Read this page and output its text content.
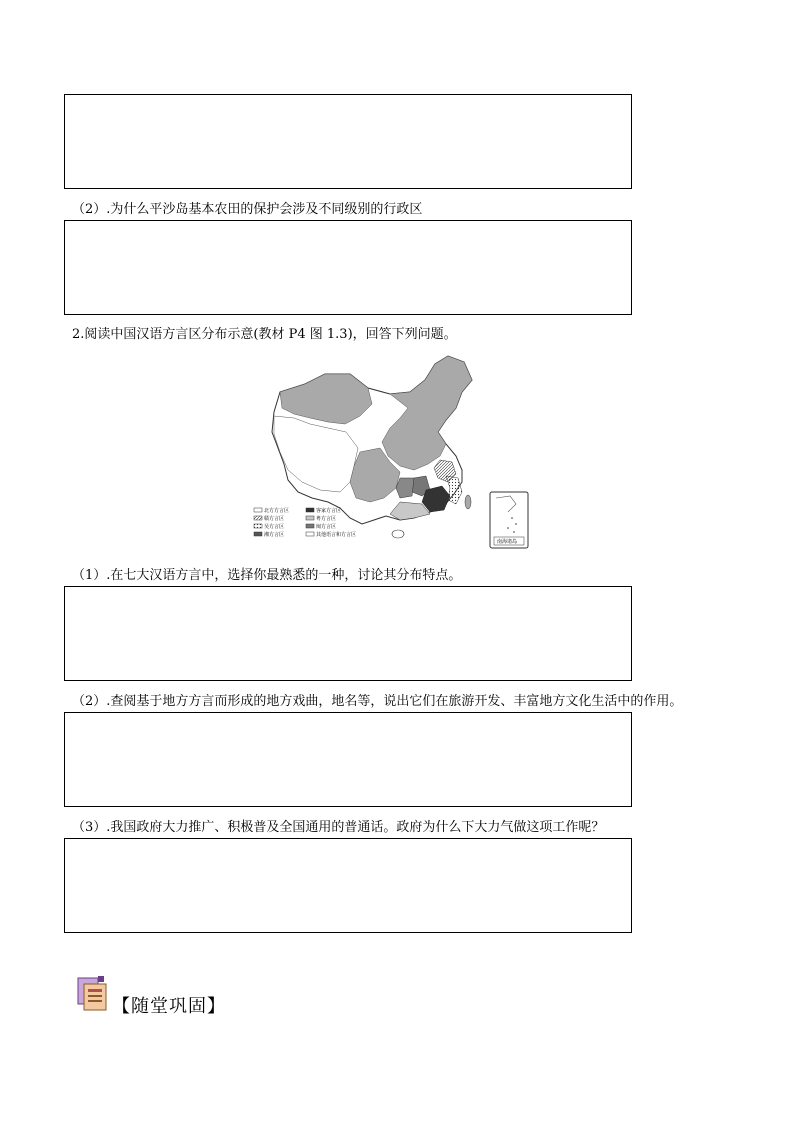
（2）.为什么平沙岛基本农田的保护会涉及不同级别的行政区
2.阅读中国汉语方言区分布示意(教材 P4 图 1.3)，回答下列问题。
北方方言区	客家方言区
赣方言区	粤方言区
吴方言区	闽方言区
湘方言区	其他语言和方言区
南海诸岛
（1）.在七大汉语方言中，选择你最熟悉的一种，讨论其分布特点。
（2）.查阅基于地方方言而形成的地方戏曲，地名等，说出它们在旅游开发、丰富地方文化生活中的作用。
（3）.我国政府大力推广、积极普及全国通用的普通话。政府为什么下大力气做这项工作呢？
【随堂巩固】
